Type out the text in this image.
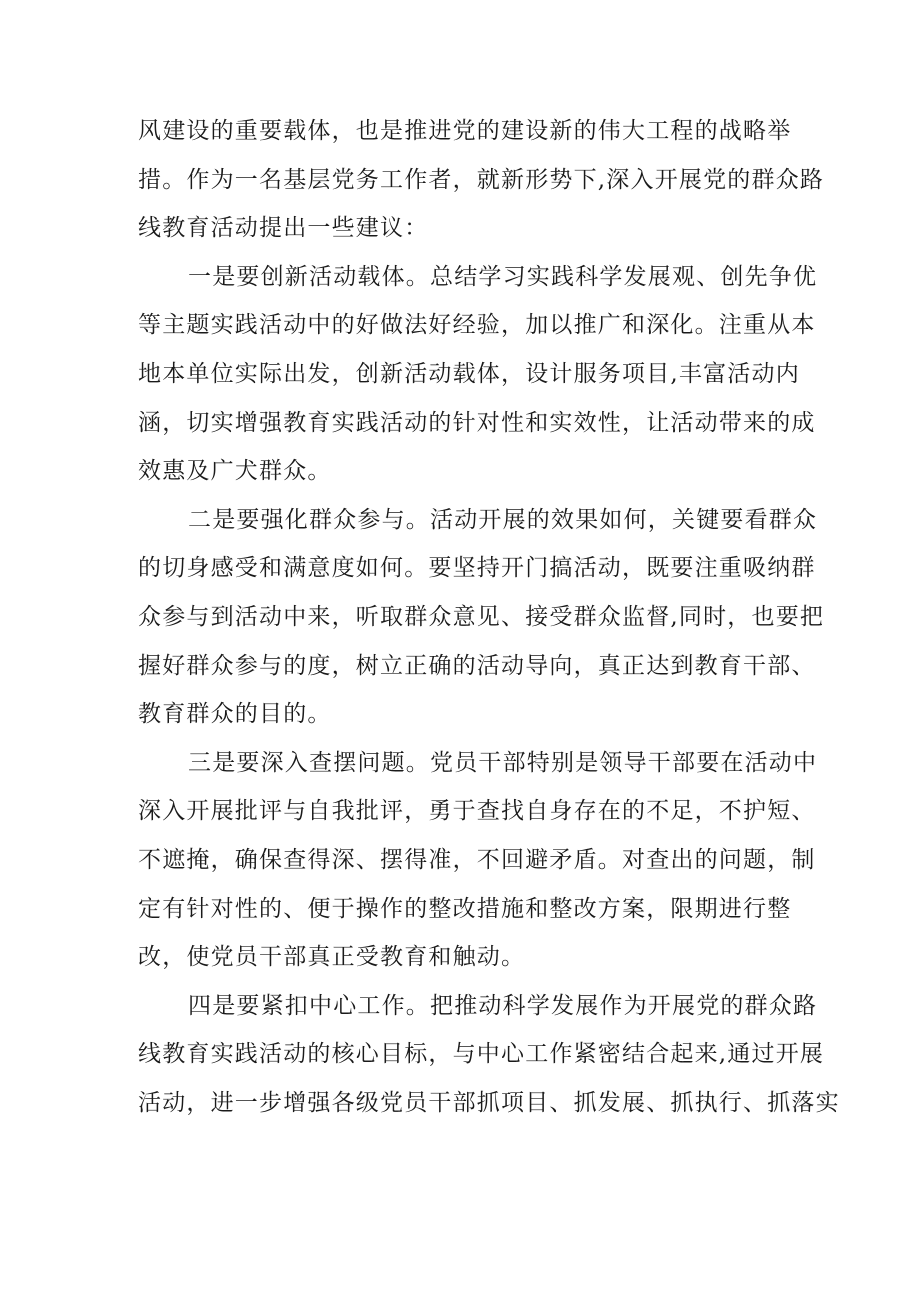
风建设的重要载体，也是推进党的建设新的伟大工程的战略举
措。作为一名基层党务工作者，就新形势下,深入开展党的群众路
线教育活动提出一些建议：
一是要创新活动载体。总结学习实践科学发展观、创先争优
等主题实践活动中的好做法好经验，加以推广和深化。注重从本
地本单位实际出发，创新活动载体，设计服务项目,丰富活动内
涵，切实增强教育实践活动的针对性和实效性，让活动带来的成
效惠及广犬群众。
二是要强化群众参与。活动开展的效果如何，关键要看群众
的切身感受和满意度如何。要坚持开门搞活动，既要注重吸纳群
众参与到活动中来，听取群众意见、接受群众监督,同时，也要把
握好群众参与的度，树立正确的活动导向，真正达到教育干部、
教育群众的目的。
三是要深入查摆问题。党员干部特别是领导干部要在活动中
深入开展批评与自我批评，勇于查找自身存在的不足，不护短、
不遮掩，确保查得深、摆得准，不回避矛盾。对查出的问题，制
定有针对性的、便于操作的整改措施和整改方案，限期进行整
改，使党员干部真正受教育和触动。
四是要紧扣中心工作。把推动科学发展作为开展党的群众路
线教育实践活动的核心目标，与中心工作紧密结合起来,通过开展
活动，进一步增强各级党员干部抓项目、抓发展、抓执行、抓落实
